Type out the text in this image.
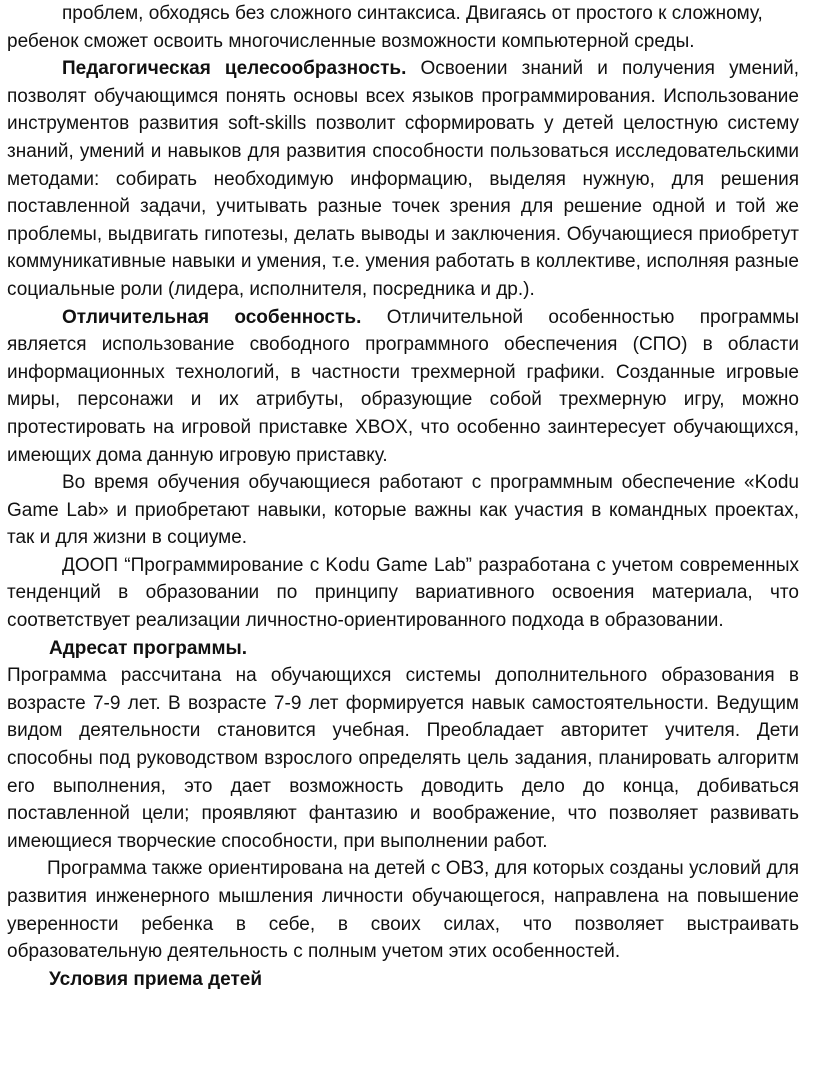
проблем, обходясь без сложного синтаксиса. Двигаясь от простого к сложному,

ребенок сможет освоить многочисленные возможности компьютерной среды.

Педагогическая целесообразность. Освоении знаний и получения умений, позволят обучающимся понять основы всех языков программирования. Использование инструментов развития soft-skills позволит сформировать у детей целостную систему знаний, умений и навыков для развития способности пользоваться исследовательскими методами: собирать необходимую информацию, выделяя нужную, для решения поставленной задачи, учитывать разные точек зрения для решение одной и той же проблемы, выдвигать гипотезы, делать выводы и заключения. Обучающиеся приобретут коммуникативные навыки и умения, т.е. умения работать в коллективе, исполняя разные социальные роли (лидера, исполнителя, посредника и др.).

Отличительная особенность. Отличительной особенностью программы является использование свободного программного обеспечения (СПО) в области информационных технологий, в частности трехмерной графики. Созданные игровые миры, персонажи и их атрибуты, образующие собой трехмерную игру, можно протестировать на игровой приставке XBOX, что особенно заинтересует обучающихся, имеющих дома данную игровую приставку.

Во время обучения обучающиеся работают с программным обеспечение «Kodu Game Lab» и приобретают навыки, которые важны как участия в командных проектах, так и для жизни в социуме.

ДООП “Программирование с Kodu Game Lab” разработана с учетом современных тенденций в образовании по принципу вариативного освоения материала, что соответствует реализации личностно-ориентированного подхода в образовании.

Адресат программы.

Программа рассчитана на обучающихся системы дополнительного образования в возрасте 7-9 лет. В возрасте 7-9 лет формируется навык самостоятельности. Ведущим видом деятельности становится учебная. Преобладает авторитет учителя. Дети способны под руководством взрослого определять цель задания, планировать алгоритм его выполнения, это дает возможность доводить дело до конца, добиваться поставленной цели; проявляют фантазию и воображение, что позволяет развивать имеющиеся творческие способности, при выполнении работ.

Программа также ориентирована на детей с ОВЗ, для которых созданы условий для развития инженерного мышления личности обучающегося, направлена на повышение уверенности ребенка в себе, в своих силах, что позволяет выстраивать образовательную деятельность с полным учетом этих особенностей.

Условия приема детей
